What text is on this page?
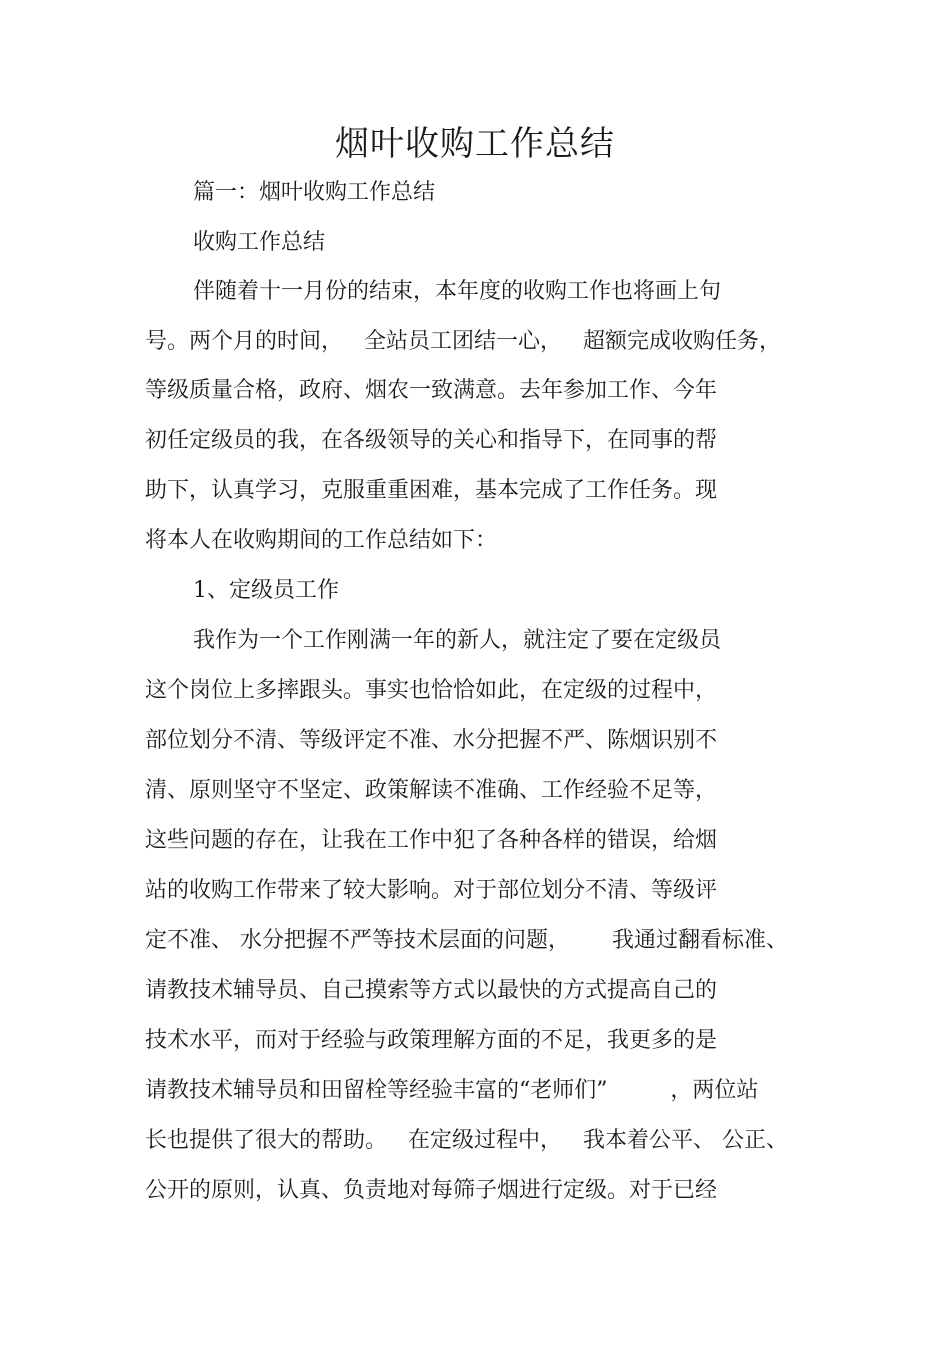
烟叶收购工作总结
篇一：烟叶收购工作总结
收购工作总结
伴随着十一月份的结束，本年度的收购工作也将画上句
号。两个月的时间，   全站员工团结一心，   超额完成收购任务，
等级质量合格，政府、烟农一致满意。去年参加工作、今年
初任定级员的我，在各级领导的关心和指导下，在同事的帮
助下，认真学习，克服重重困难，基本完成了工作任务。现
将本人在收购期间的工作总结如下：
1、定级员工作
我作为一个工作刚满一年的新人，就注定了要在定级员
这个岗位上多摔跟头。事实也恰恰如此，在定级的过程中，
部位划分不清、等级评定不准、水分把握不严、陈烟识别不
清、原则坚守不坚定、政策解读不准确、工作经验不足等，
这些问题的存在，让我在工作中犯了各种各样的错误，给烟
站的收购工作带来了较大影响。对于部位划分不清、等级评
定不准、 水分把握不严等技术层面的问题，      我通过翻看标准、
请教技术辅导员、自己摸索等方式以最快的方式提高自己的
技术水平，而对于经验与政策理解方面的不足，我更多的是
请教技术辅导员和田留栓等经验丰富的“老师们”         ，两位站
长也提供了很大的帮助。   在定级过程中，   我本着公平、 公正、
公开的原则，认真、负责地对每筛子烟进行定级。对于已经
